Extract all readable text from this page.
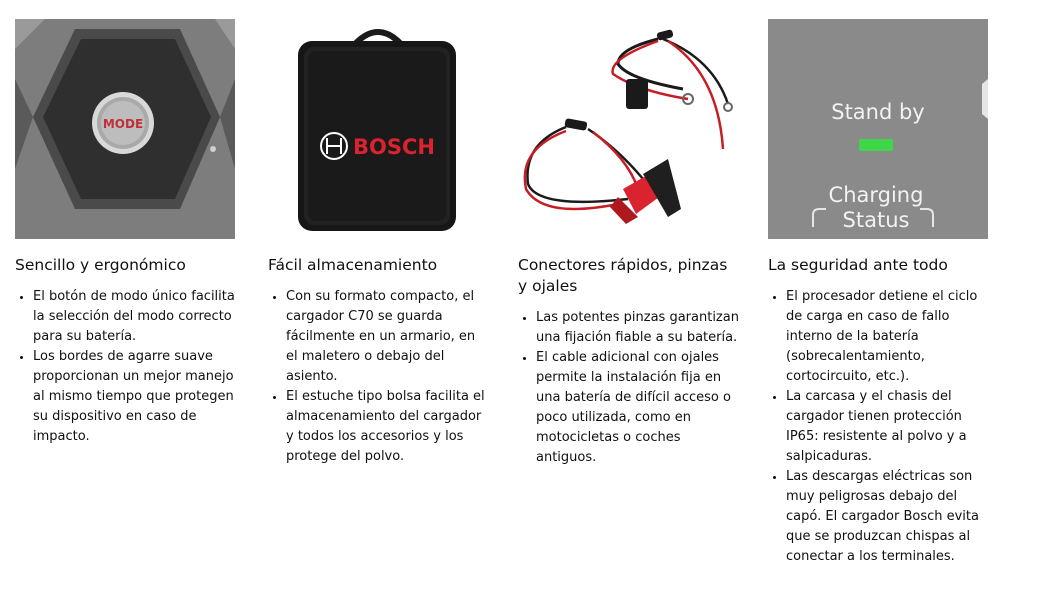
MODE
Sencillo y ergonómico
• El botón de modo único facilita la selección del modo correcto para su batería.
• Los bordes de agarre suave proporcionan un mejor manejo al mismo tiempo que protegen su dispositivo en caso de impacto.
BOSCH
Fácil almacenamiento
• Con su formato compacto, el cargador C70 se guarda fácilmente en un armario, en el maletero o debajo del asiento.
• El estuche tipo bolsa facilita el almacenamiento del cargador y todos los accesorios y los protege del polvo.
Conectores rápidos, pinzas y ojales
• Las potentes pinzas garantizan una fijación fiable a su batería.
• El cable adicional con ojales permite la instalación fija en una batería de difícil acceso o poco utilizada, como en motocicletas o coches antiguos.
Stand by
Charging
Status
La seguridad ante todo
• El procesador detiene el ciclo de carga en caso de fallo interno de la batería (sobrecalentamiento, cortocircuito, etc.).
• La carcasa y el chasis del cargador tienen protección IP65: resistente al polvo y a salpicaduras.
• Las descargas eléctricas son muy peligrosas debajo del capó. El cargador Bosch evita que se produzcan chispas al conectar a los terminales.
